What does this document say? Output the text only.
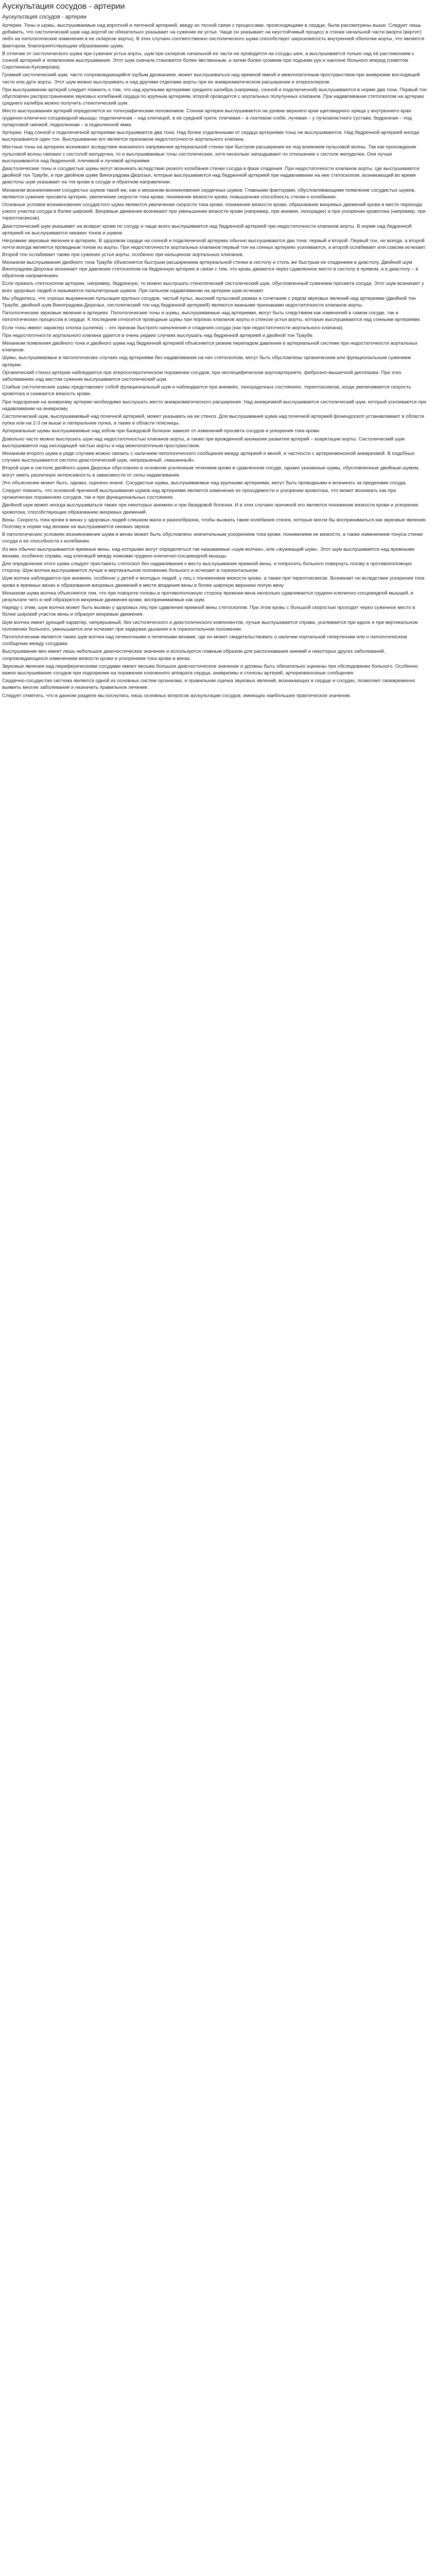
Аускультация сосудов - артерии
Аускультация сосудов - артерии

Артерии. Тоны и шумы, выслушиваемые над воротной и легочной артерией, ввиду их тесной связи с процессами, происходящими в сердце, были рассмотрены выше. Следует лишь добавить, что систолический шум над аортой не обязательно указывает на сужение ее устья. Чаще он указывает на неустойчивый процесс в стенке начальной части ваорта (вертит) либо на патологические изменения в ее склерозе аорты). В этих случаях соответственно систолического шума способствует шероховатость внутренней оболочки аорты, что является фактором, благоприятствующим образованию шума.

В отличие от систолического шума при сужении устья аорты, шум при склерозе начальной ее части не проводится на сосуды шеи, а выслушивается только над её растяжением с сонной артерией и появлением выслушивания. Этот шум сначала становится более явственным, а затем более громким при подъеме рук и наклоне больного вперед (симптом Сиротинина-Куковерова).

Громкий систолический шум, часто сопровождающийся грубым дрожанием, может выслушиваться над яремной ямкой и межлопаточным пространством при аневризме восходящей части или дуги аорты. Этот шум можно выслушивать и над другими отделами аорты при ее аневризматическом расширении и атеросклерозе.

При выслушивании артерий следует помнить о том, что над крупными артериями среднего калибра (например, сонной и подключичной) выслушиваются в норме два тона. Первый тон обусловлен распространением звуковых колебаний сердца по крупным артериям, второй проводится с аортальных полулунных клапанов. При надавливании стетоскопом на артерию среднего калибра можно получить стенотический шум.

Место выслушивания артерий определяется их топографическим положением. Сонная артерия выслушивается на уровне верхнего края щитовидного хряща у внутреннего края грудинно-ключично-сосцевидной мышцы; подключичная – над ключицей, в ее средней трети; плечевая – в локтевом сгибе; лучевая – у лучезапястного сустава; бедренная – под пупартовой связкой; подколенная – в подколенной ямке.

Артерии. Над сонной и подключичной артериями выслушивается два тона. Над более отдаленными от сердца артериями тоны не выслушиваются. Над бедренной артерией иногда выслушивается один тон. Выслушивание его является признаком недостаточности аортального клапана.

Местные тоны на артериях возникают вследствие внезапного напряжения артериальной стенки при быстром расширении ее под влиянием пульсовой волны. Так как прохождение пульсовой волны связано с систолой желудочка, то и выслушиваемые тоны систолические, хотя несколько запаздывают по отношению к систоле желудочка. Они лучше выслушиваются над бедренной, плечевой и лучевой артериями.

Диастолические тоны и сосудистые шумы могут возникать вследствие резкого колебания стенки сосуда в фазе спадения. При недостаточности клапанов аорты, где выслушивается двойной тон Траубе, и при двойном шуме Виноградова-Дюрозье, которые выслушиваются над бедренной артерией при надавливании на нее стетоскопом, возникающий во время диастолы шум указывает на ток крови в сосуде в обратном направлении.

Механизм возникновения сосудистых шумов такой же, как и механизм возникновения сердечных шумов. Главными факторами, обусловливающими появление сосудистых шумов, являются сужение просвета артерии, увеличение скорости тока крови, понижение вязкости крови, повышенная способность стенки к колебанию.

Основные условия возникновения сосудистого шума являются увеличение скорости тока крови, понижение вязкости крови, образование вихревых движений крови в месте перехода узкого участка сосуда в более широкий. Вихревые движения возникают при уменьшении вязкости крови (например, при анемии, лихорадке) и при ускорении кровотока (например, при тиреотоксикозе).

Диастолический шум указывает на возврат крови по сосуду и чаще всего выслушивается над бедренной артерией при недостаточности клапанов аорты. В норме над бедренной артерией не выслушивается никаких тонов и шумов.

Негромкие звуковые явления в артериях. В здоровом сердце на сонной и подключичной артериях обычно выслушиваются два тона: первый и второй. Первый тон, не всегда, а второй почти всегда является проводным тоном из аорты. При недостаточности аортальных клапанов первый тон на сонных артериях усиливается, а второй ослабевает или совсем исчезает. Второй тон ослабевает также при сужении устья аорты, особенно при кальцинозе аортальных клапанов.

Механизм выслушивания двойного тона Траубе объясняется быстрым расширением артериальной стенки в систолу и столь же быстрым ее спадением в диастолу. Двойной шум Виноградова-Дюрозье возникает при давлении стетоскопом на бедренную артерию в связи с тем, что кровь движется через сдавленное место в систолу в прямом, а в диастолу – в обратном направлениях.

Если прижать стетоскопом артерию, например, бедренную, то можно выслушать стенотический систолический шум, обусловленный сужением просвета сосуда. Этот шум возникает у всех здоровых людей и называется пальпаторным шумом. При сильном надавливании на артерию шум исчезает.

Мы убедились, что хорошо выраженная пульсация крупных сосудов, частый пульс, высокий пульсовой размах в сочетании с рядом звуковых явлений над артериями (двойной тон Траубе, двойной шум Виноградова-Дюрозье, систолический тон над бедренной артерией) являются важными признаками недостаточности клапанов аорты.

Патологические звуковые явления в артериях. Патологические тоны и шумы, выслушиваемые над артериями, могут быть следствием как изменений в самом сосуде, так и патологических процессов в сердце. К последним относятся проводные шумы при пороках клапанов аорты и стенозе устья аорты, которые выслушиваются над сонными артериями.

Если тоны имеют характер хлопка (шлепка) – это признак быстрого наполнения и спадения сосуда (как при недостаточности аортального клапана).

При недостаточности аортального клапана удается в очень редких случаях выслушать над бедренной артерией и двойной тон Траубе.

Механизм появления двойного тона и двойного шума над бедренной артерией объясняется резким перепадом давления в артериальной системе при недостаточности аортальных клапанов.

Шумы, выслушиваемые в патологических случаях над артериями без надавливания на них стетоскопом, могут быть обусловлены органическим или функциональным сужением артерии.

Органический стеноз артерии наблюдается при атеросклеротическом поражении сосудов, при неспецифическом аортоартериите, фиброзно-мышечной дисплазии. При этих заболеваниях над местом сужения выслушивается систолический шум.

Слабые систолические шумы представляют собой функциональный шум и наблюдаются при анемиях, лихорадочных состояниях, тиреотоксикозе, когда увеличивается скорость кровотока и снижается вязкость крови.

При подозрении на аневризму артерии необходимо выслушать место аневризматического расширения. Над аневризмой выслушивается систолический шум, который усиливается при надавливании на аневризму.

Систолический шум, выслушиваемый над почечной артерией, может указывать на ее стеноз. Для выслушивания шума над почечной артерией фонендоскоп устанавливают в области пупка или на 2-3 см выше и латеральнее пупка, а также в области поясницы.

Артериальные шумы выслушиваемые над зобом при Базедовой болезни зависят от изменений просвета сосудов и ускорения тока крови.

Довольно часто можно выслушать шум над недостаточностью клапанов аорты, а также при врожденной аномалии развития артерий – коарктации аорты. Систолический шум выслушивается над нисходящей частью аорты и над межлопаточным пространством.

Механизм второго шума в ряде случаев можно связать с наличием патологического сообщения между артерией и веной, в частности с артериовенозной аневризмой. В подобных случаях выслушивается систоло-диастолический шум, непрерывный, «машинный».

Второй шум в систоле двойного шума Дюрозье обусловлен в основном усиленным течением крови в сдавленном сосуде, однако указанные шумы, обусловленные двойным шумом, могут иметь различную интенсивность в зависимости от силы надавливания.

Это объяснение может быть, однако, оценено иначе. Сосудистые шумы, выслушиваемые над крупными артериями, могут быть проводными и возникать за пределами сосуда.

Следует помнить, что основной причиной выслушивания шумов над артериями является изменение их проходимости и ускорение кровотока, что может возникать как при органических поражениях сосудов, так и при функциональных состояниях.

Двойной шум может иногда выслушиваться также при некоторых анемиях и при базедовой болезни. И в этих случаях причиной его является понижение вязкости крови и ускорение кровотока, способствующие образованию вихревых движений.

Вены. Скорость тока крови в венах у здоровых людей слишком мала и разнообразна, чтобы вызвать такие колебания стенок, которые могли бы восприниматься как звуковые явления. Поэтому в норме над венами не выслушивается никаких звуков.

В патологических условиях возникновение шума в венах может быть обусловлено значительным ускорением тока крови, понижением ее вязкости, а также изменением тонуса стенки сосуда и ее способности к колебанию.

Из вен обычно выслушиваются яремные вены, над которыми могут определяться так называемые «шум волчка», или «жужжащий шум». Этот шум выслушивается над яремными венами, особенно справа, над ключицей между ножками грудино-ключично-сосцевидной мышцы.

Для определения этого шума следует приставить стетоскоп без надавливания к месту выслушивания яремной вены, и попросить больного повернуть голову в противоположную сторону. Шум волчка выслушивается лучше в вертикальном положении больного и исчезает в горизонтальном.

Шум волчка наблюдается при анемиях, особенно у детей и молодых людей, у лиц с понижением вязкости крови, а также при тиреотоксикозе. Возникает он вследствие ускорения тока крови в яремных венах и образования вихревых движений в месте впадения вены в более широкую верхнюю полую вену.

Механизм шума волчка объясняется тем, что при повороте головы в противоположную сторону яремная вена несколько сдавливается грудино-ключично-сосцевидной мышцей, в результате чего в ней образуются вихревые движения крови, воспринимаемые как шум.

Наряду с этим, шум волчка может быть вызван у здоровых лиц при сдавлении яремной вены стетоскопом. При этом кровь с большой скоростью проходит через суженное место в более широкий участок вены и образует вихревые движения.

Шум волчка имеет дующий характер, непрерывный, без систолического и диастолического компонентов, лучше выслушивается справа, усиливается при вдохе и при вертикальном положении больного, уменьшается или исчезает при задержке дыхания и в горизонтальном положении.

Патологическим является также шум волчка над печеночными и почечными венами, где он может свидетельствовать о наличии портальной гипертензии или о патологическом сообщении между сосудами.

Выслушивание вен имеет лишь небольшое диагностическое значение и используется главным образом для распознавания анемий и некоторых других заболеваний, сопровождающихся изменением вязкости крови и ускорением тока крови в венах.

Звуковые явления над периферическими сосудами имеют весьма большое диагностическое значение и должны быть обязательно оценены при обследовании больного. Особенно важно выслушивание сосудов при подозрении на поражение клапанного аппарата сердца, аневризмы и стенозы артерий, артериовенозные сообщения.

Сердечно-сосудистая система является одной из основных систем организма, и правильная оценка звуковых явлений, возникающих в сердце и сосудах, позволяет своевременно выявить многие заболевания и назначить правильное лечение.

Следует отметить, что в данном разделе мы коснулись лишь основных вопросов аускультации сосудов, имеющих наибольшее практическое значение.
